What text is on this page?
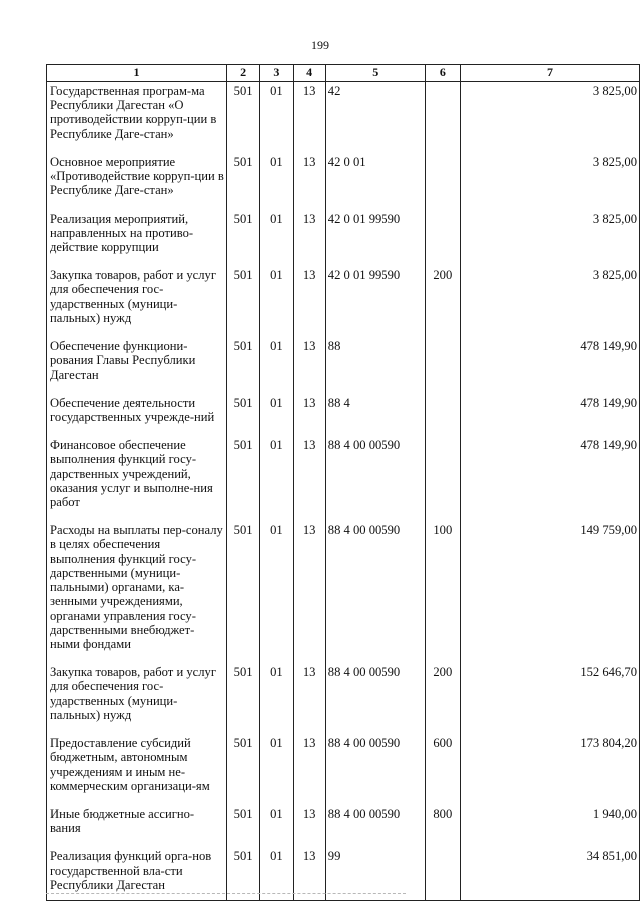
199
1	2	3	4	5	6	7
Государственная програм-ма Республики Дагестан «О противодействии корруп-ции в Республике Даге-стан»	501	01	13	42		3 825,00
Основное мероприятие «Противодействие корруп-ции в Республике Даге-стан»	501	01	13	42 0 01		3 825,00
Реализация мероприятий, направленных на противо-действие коррупции	501	01	13	42 0 01 99590		3 825,00
Закупка товаров, работ и услуг для обеспечения гос-ударственных (муници-пальных) нужд	501	01	13	42 0 01 99590	200	3 825,00
Обеспечение функциони-рования Главы Республики Дагестан	501	01	13	88		478 149,90
Обеспечение деятельности государственных учрежде-ний	501	01	13	88 4		478 149,90
Финансовое обеспечение выполнения функций госу-дарственных учреждений, оказания услуг и выполне-ния работ	501	01	13	88 4 00 00590		478 149,90
Расходы на выплаты пер-соналу в целях обеспечения выполнения функций госу-дарственными (муници-пальными) органами, ка-зенными учреждениями, органами управления госу-дарственными внебюджет-ными фондами	501	01	13	88 4 00 00590	100	149 759,00
Закупка товаров, работ и услуг для обеспечения гос-ударственных (муници-пальных) нужд	501	01	13	88 4 00 00590	200	152 646,70
Предоставление субсидий бюджетным, автономным учреждениям и иным не-коммерческим организаци-ям	501	01	13	88 4 00 00590	600	173 804,20
Иные бюджетные ассигно-вания	501	01	13	88 4 00 00590	800	1 940,00
Реализация функций орга-нов государственной вла-сти Республики Дагестан	501	01	13	99		34 851,00
